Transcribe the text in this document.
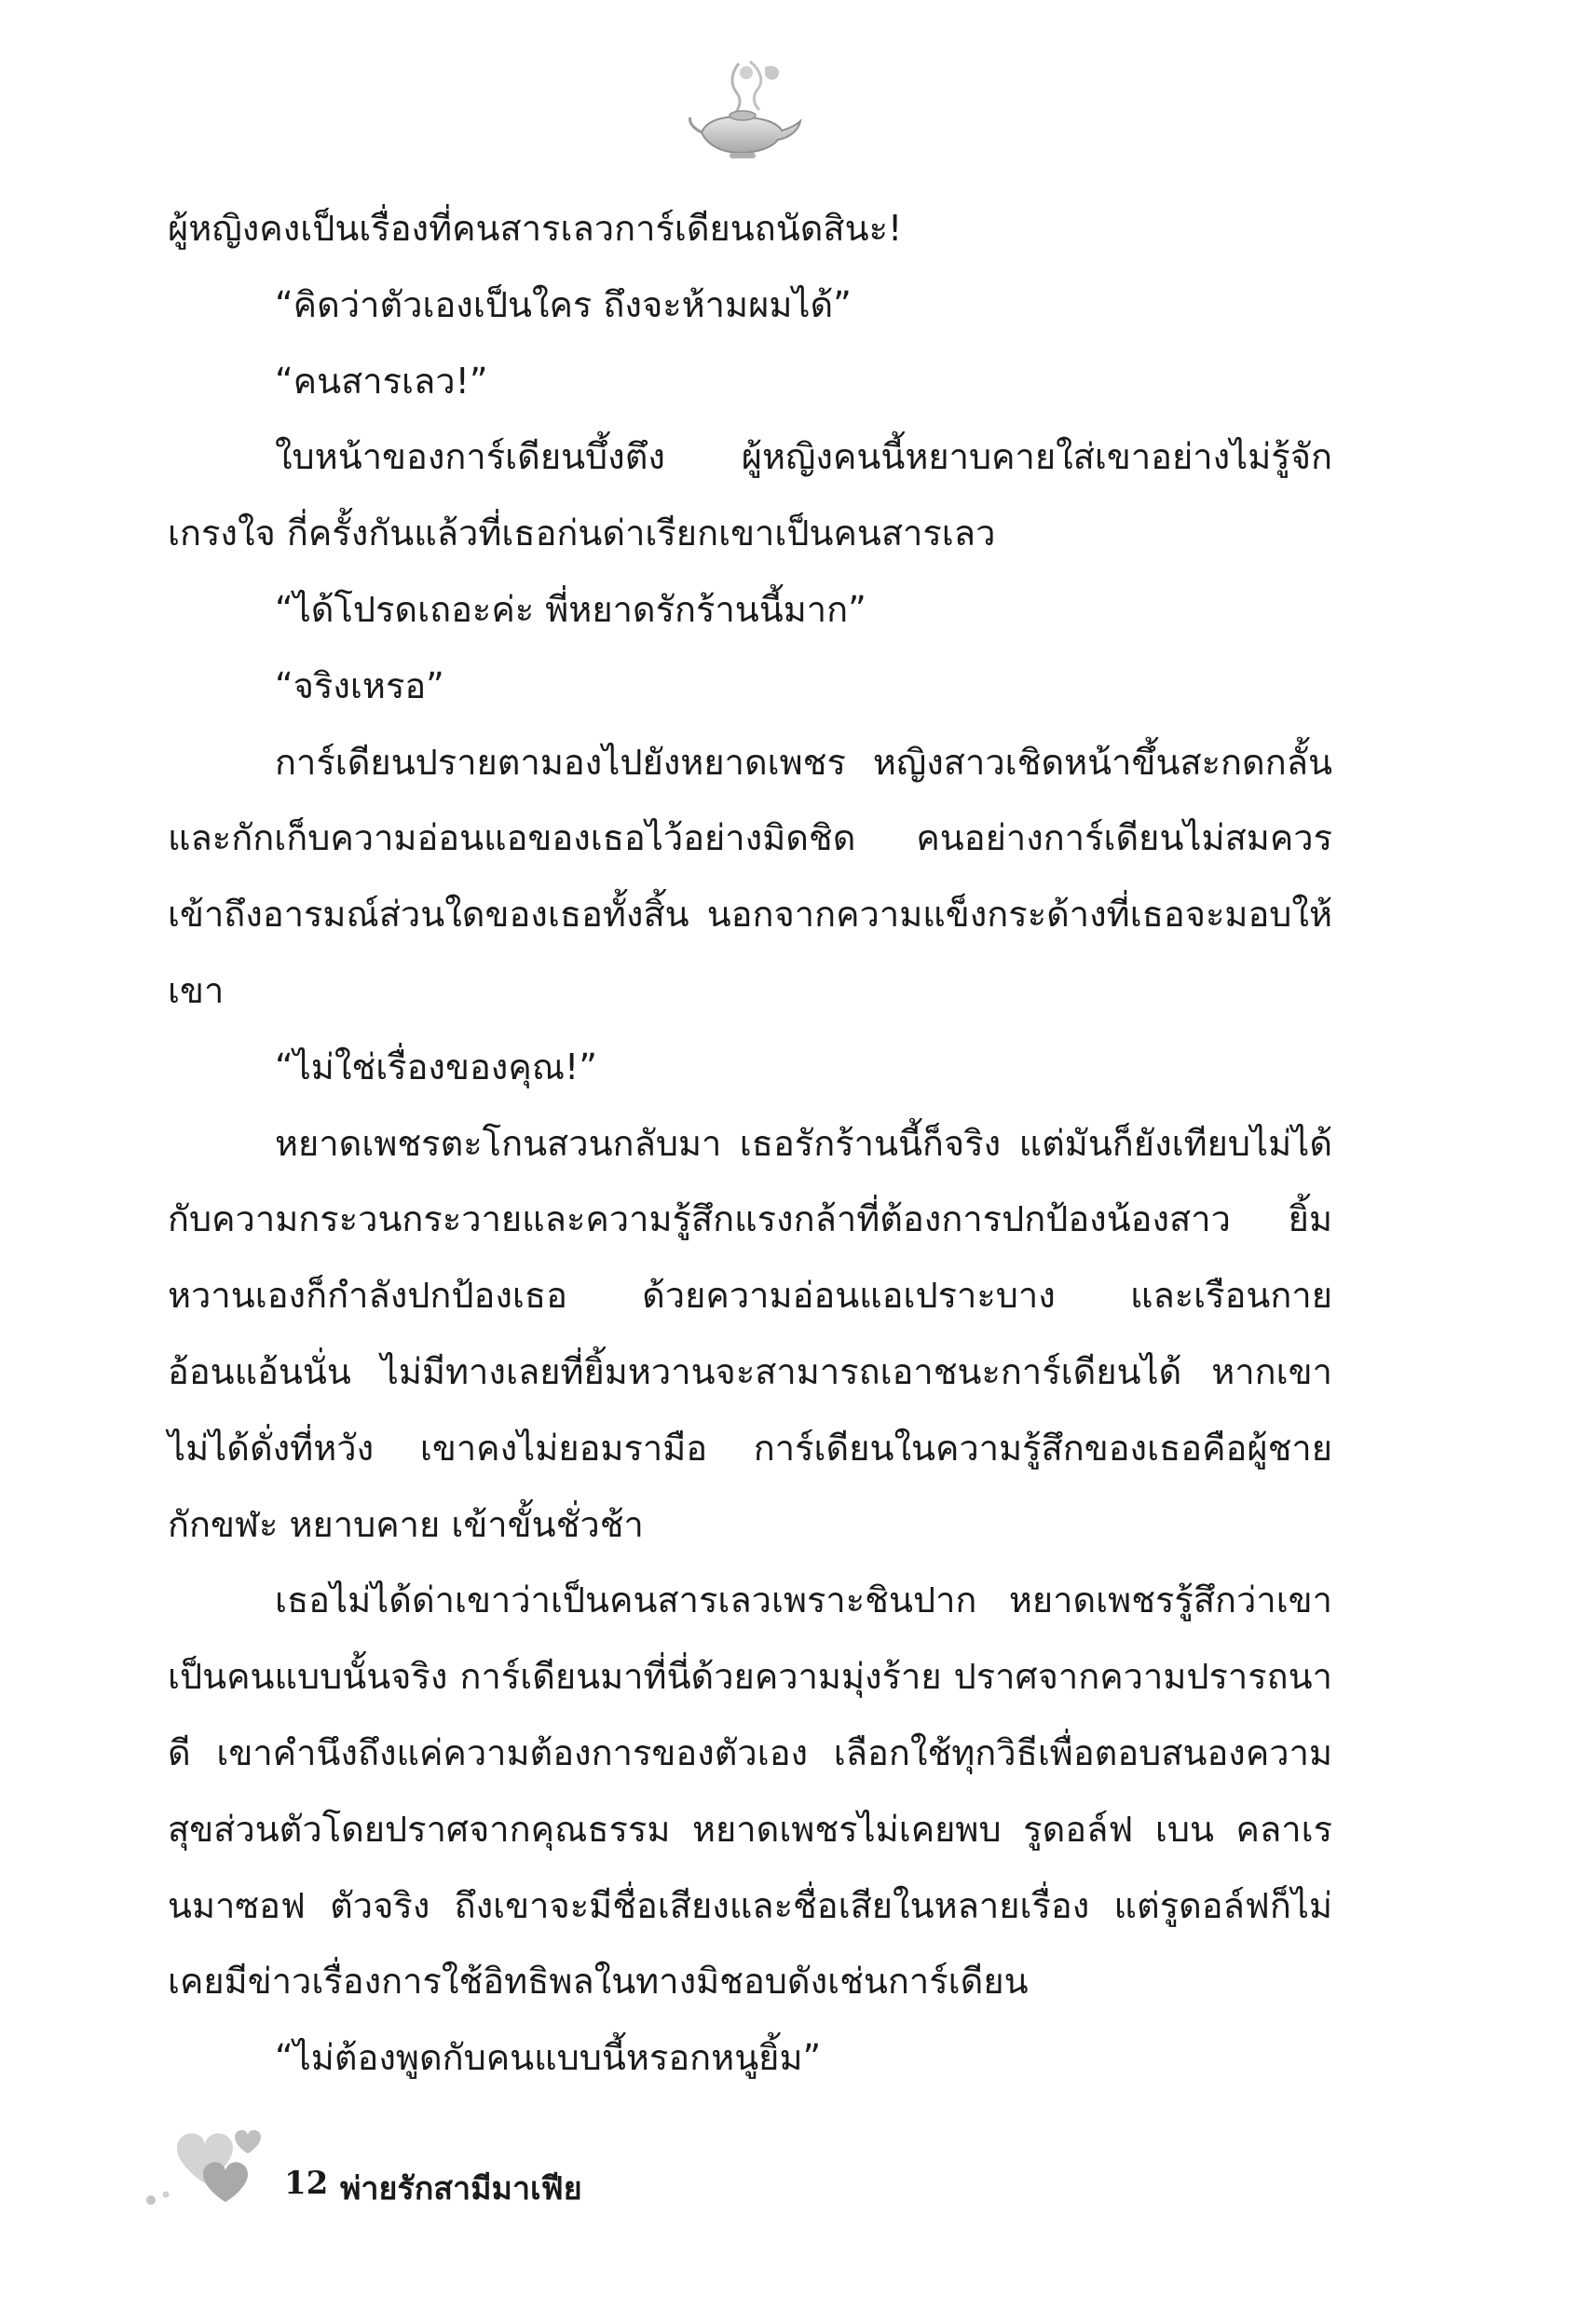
ผู้หญิงคงเป็นเรื่องที่คนสารเลวการ์เดียนถนัดสินะ!

“คิดว่าตัวเองเป็นใคร ถึงจะห้ามผมได้”

“คนสารเลว!”

ใบหน้าของการ์เดียนบึ้งตึง ผู้หญิงคนนี้หยาบคายใส่เขาอย่างไม่รู้จักเกรงใจ กี่ครั้งกันแล้วที่เธอก่นด่าเรียกเขาเป็นคนสารเลว

“ได้โปรดเถอะค่ะ พี่หยาดรักร้านนี้มาก”

“จริงเหรอ”

การ์เดียนปรายตามองไปยังหยาดเพชร หญิงสาวเชิดหน้าขึ้นสะกดกลั้นและกักเก็บความอ่อนแอของเธอไว้อย่างมิดชิด คนอย่างการ์เดียนไม่สมควรเข้าถึงอารมณ์ส่วนใดของเธอทั้งสิ้น นอกจากความแข็งกระด้างที่เธอจะมอบให้เขา

“ไม่ใช่เรื่องของคุณ!”

หยาดเพชรตะโกนสวนกลับมา เธอรักร้านนี้ก็จริง แต่มันก็ยังเทียบไม่ได้กับความกระวนกระวายและความรู้สึกแรงกล้าที่ต้องการปกป้องน้องสาว ยิ้มหวานเองก็กำลังปกป้องเธอ ด้วยความอ่อนแอเปราะบาง และเรือนกายอ้อนแอ้นนั่น ไม่มีทางเลยที่ยิ้มหวานจะสามารถเอาชนะการ์เดียนได้ หากเขาไม่ได้ดั่งที่หวัง เขาคงไม่ยอมรามือ การ์เดียนในความรู้สึกของเธอคือผู้ชายกักขฬะ หยาบคาย เข้าขั้นชั่วช้า

เธอไม่ได้ด่าเขาว่าเป็นคนสารเลวเพราะชินปาก หยาดเพชรรู้สึกว่าเขาเป็นคนแบบนั้นจริง การ์เดียนมาที่นี่ด้วยความมุ่งร้าย ปราศจากความปรารถนาดี เขาคำนึงถึงแค่ความต้องการของตัวเอง เลือกใช้ทุกวิธีเพื่อตอบสนองความสุขส่วนตัวโดยปราศจากคุณธรรม หยาดเพชรไม่เคยพบ รูดอล์ฟ เบน คลาเรนมาซอฟ ตัวจริง ถึงเขาจะมีชื่อเสียงและชื่อเสียในหลายเรื่อง แต่รูดอล์ฟก็ไม่เคยมีข่าวเรื่องการใช้อิทธิพลในทางมิชอบดังเช่นการ์เดียน

“ไม่ต้องพูดกับคนแบบนี้หรอกหนูยิ้ม”

12 พ่ายรักสามีมาเฟีย
